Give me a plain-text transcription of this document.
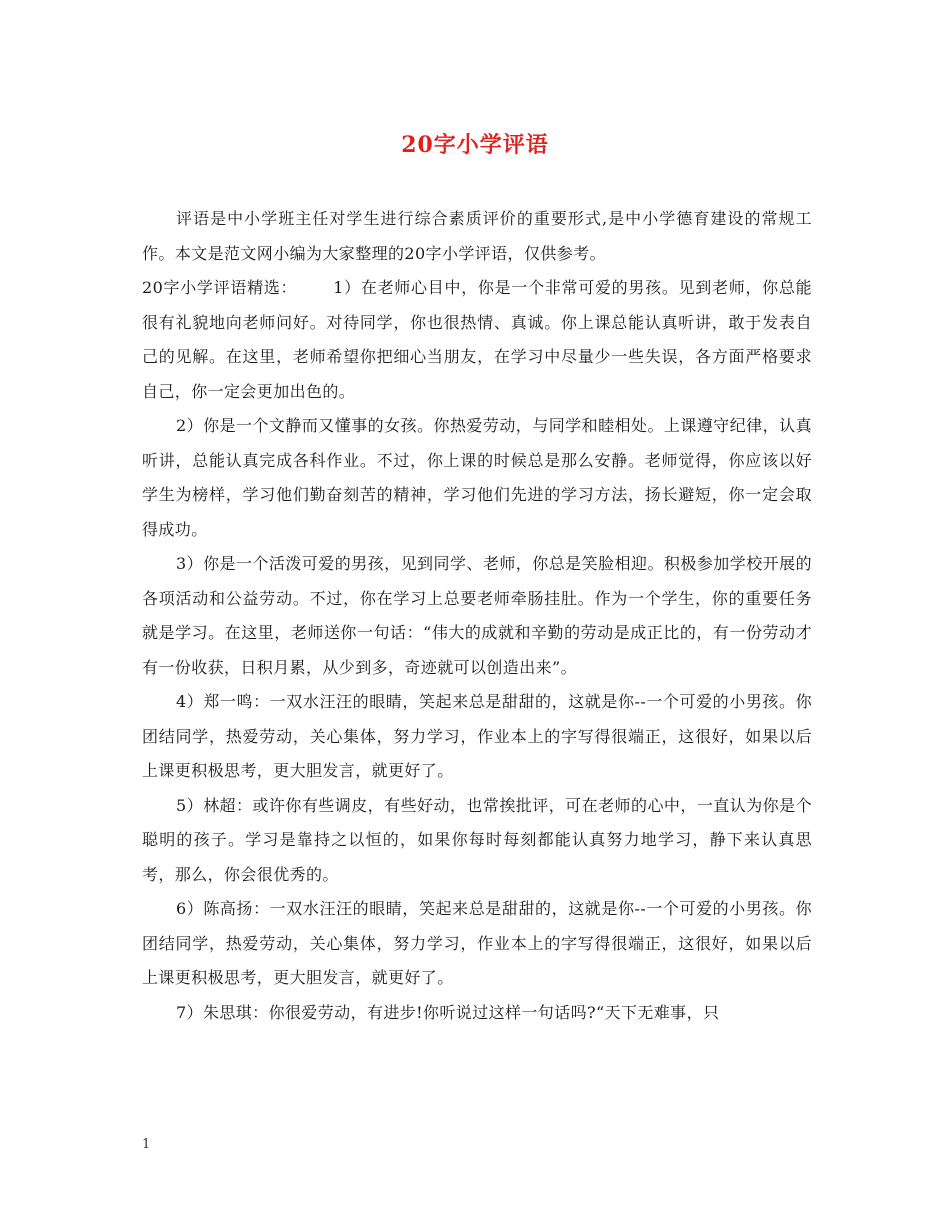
20字小学评语

评语是中小学班主任对学生进行综合素质评价的重要形式,是中小学德育建设的常规工作。本文是范文网小编为大家整理的20字小学评语，仅供参考。

20字小学评语精选： 1）在老师心目中，你是一个非常可爱的男孩。见到老师，你总能很有礼貌地向老师问好。对待同学，你也很热情、真诚。你上课总能认真听讲，敢于发表自己的见解。在这里，老师希望你把细心当朋友，在学习中尽量少一些失误，各方面严格要求自己，你一定会更加出色的。

2）你是一个文静而又懂事的女孩。你热爱劳动，与同学和睦相处。上课遵守纪律，认真听讲，总能认真完成各科作业。不过，你上课的时候总是那么安静。老师觉得，你应该以好学生为榜样，学习他们勤奋刻苦的精神，学习他们先进的学习方法，扬长避短，你一定会取得成功。

3）你是一个活泼可爱的男孩，见到同学、老师，你总是笑脸相迎。积极参加学校开展的各项活动和公益劳动。不过，你在学习上总要老师牵肠挂肚。作为一个学生，你的重要任务就是学习。在这里，老师送你一句话：“伟大的成就和辛勤的劳动是成正比的，有一份劳动才有一份收获，日积月累，从少到多，奇迹就可以创造出来”。

4）郑一鸣：一双水汪汪的眼睛，笑起来总是甜甜的，这就是你--一个可爱的小男孩。你团结同学，热爱劳动，关心集体，努力学习，作业本上的字写得很端正，这很好，如果以后上课更积极思考，更大胆发言，就更好了。

5）林超：或许你有些调皮，有些好动，也常挨批评，可在老师的心中，一直认为你是个聪明的孩子。学习是靠持之以恒的，如果你每时每刻都能认真努力地学习，静下来认真思考，那么，你会很优秀的。

6）陈高扬：一双水汪汪的眼睛，笑起来总是甜甜的，这就是你--一个可爱的小男孩。你团结同学，热爱劳动，关心集体，努力学习，作业本上的字写得很端正，这很好，如果以后上课更积极思考，更大胆发言，就更好了。

7）朱思琪：你很爱劳动，有进步!你听说过这样一句话吗?“天下无难事，只

1
